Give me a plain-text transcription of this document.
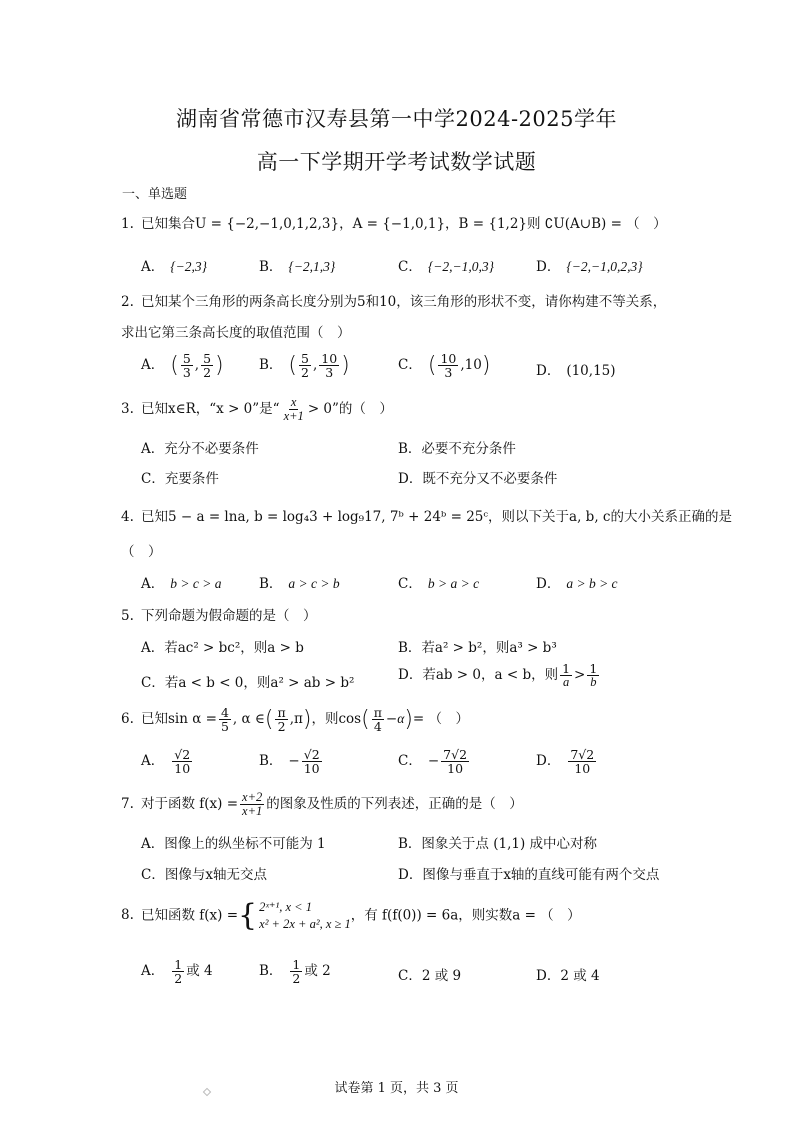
湖南省常德市汉寿县第一中学2024-2025学年
高一下学期开学考试数学试题
一、单选题
1. 已知集合U = {−2,−1,0,1,2,3}，A = {−1,0,1}，B = {1,2}则 ∁U(A∪B) = （　）
A． {−2,3}	B． {−2,1,3}	C． {−2,−1,0,3}	D． {−2,−1,0,2,3}
2. 已知某个三角形的两条高长度分别为5和10，该三角形的形状不变，请你构建不等关系，
求出它第三条高长度的取值范围（　）
A． ( $\frac{5}{3}$ , $\frac{5}{2}$ )	B． ( $\frac{5}{2}$ , $\frac{10}{3}$ )	C． ( $\frac{10}{3} ,10$)	D． (10,15)
3. 已知x∈R，“x > 0”是“ $\frac{x}{x+1} > 0$”的（　）
A．充分不必要条件	B．必要不充分条件
C．充要条件	D．既不充分又不必要条件
4. 已知5 − a = lna, b = log₄3 + log₉17, 7ᵇ + 24ᵇ = 25ᶜ，则以下关于a, b, c的大小关系正确的是
（　）
A． b > c > a	B． a > c > b	C． b > a > c	D． a > b > c
5. 下列命题为假命题的是（　）
A．若ac² > bc²，则a > b	B．若a² > b²，则a³ > b³
C．若a < b < 0，则a² > ab > b²	D．若ab > 0，a < b，则 $\frac{1}{a} > \frac{1}{b}$
6. 已知$\sin \alpha = \frac{4}{5}$ , α ∈( $\frac{\pi}{2} ,\pi$)，则$\cos( \frac{\pi}{4} -\alpha)=$ （　）
A． $\frac{√2}{10}$	B． − $\frac{√2}{10}$	C． − $\frac{7√2}{10}$	D． $\frac{7√2}{10}$
7. 对于函数 $f(x) = \frac{x+2}{x+1}$ 的图象及性质的下列表述，正确的是（　）
A．图像上的纵坐标不可能为 1	B．图象关于点 (1,1) 成中心对称
C．图像与x轴无交点	D．图像与垂直于x轴的直线可能有两个交点
8. 已知函数 f(x) ={ 2ˣ⁺¹, x < 1
x² + 2x + a², x ≥ 1
，有 f(f(0)) = 6a，则实数a = （　）
A． $\frac{1}{2}$ 或 4	B． $\frac{1}{2}$ 或 2	C．2 或 9	D．2 或 4
试卷第 1 页，共 3 页
